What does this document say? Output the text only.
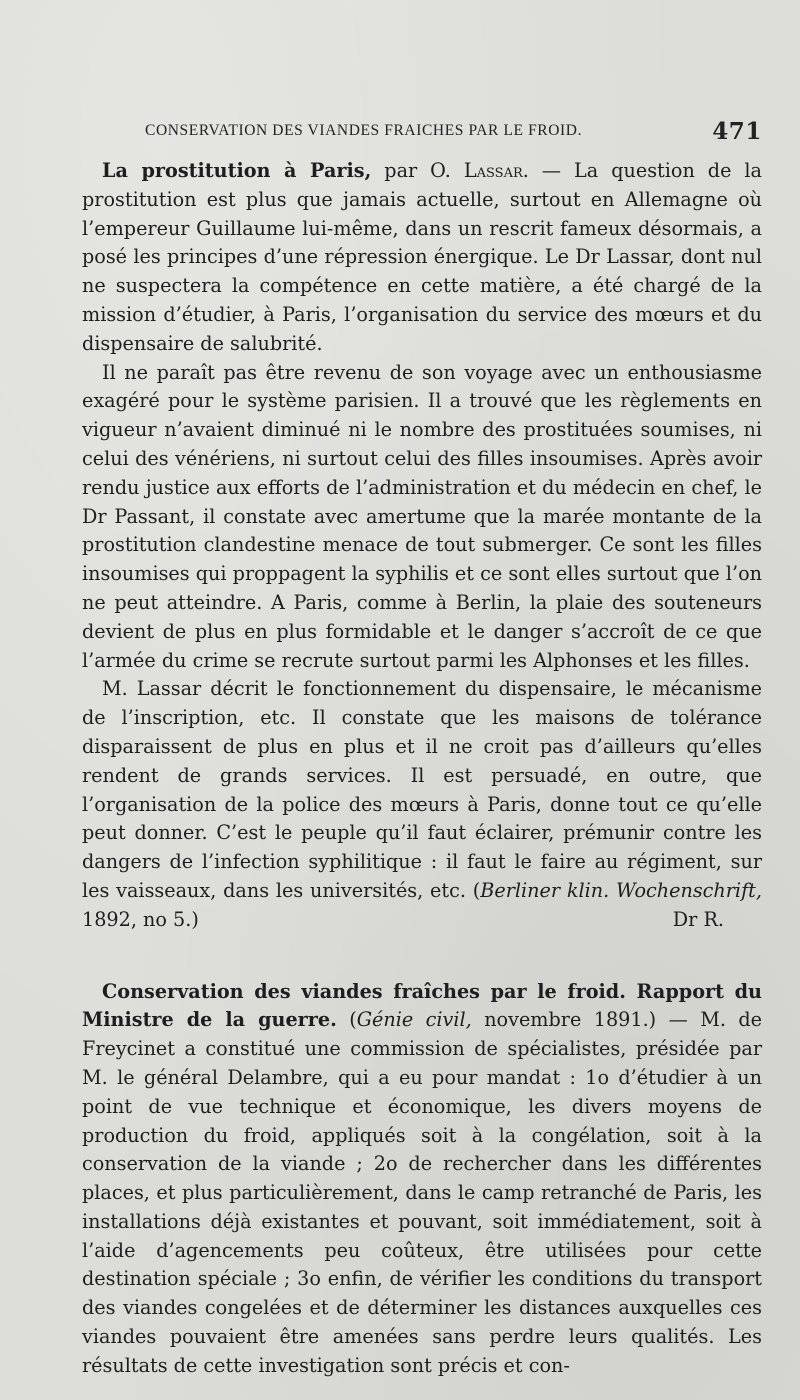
CONSERVATION DES VIANDES FRAICHES PAR LE FROID.	471

La prostitution à Paris, par O. Lassar. — La question de la prostitution est plus que jamais actuelle, surtout en Allemagne où l’empereur Guillaume lui-même, dans un rescrit fameux désormais, a posé les principes d’une répression énergique. Le Dr Lassar, dont nul ne suspectera la compétence en cette matière, a été chargé de la mission d’étudier, à Paris, l’organisation du service des mœurs et du dispensaire de salubrité.

Il ne paraît pas être revenu de son voyage avec un enthousiasme exagéré pour le système parisien. Il a trouvé que les règlements en vigueur n’avaient diminué ni le nombre des prostituées soumises, ni celui des vénériens, ni surtout celui des filles insoumises. Après avoir rendu justice aux efforts de l’administration et du médecin en chef, le Dr Passant, il constate avec amertume que la marée montante de la prostitution clandestine menace de tout submerger. Ce sont les filles insoumises qui proppagent la syphilis et ce sont elles surtout que l’on ne peut atteindre. A Paris, comme à Berlin, la plaie des souteneurs devient de plus en plus formidable et le danger s’accroît de ce que l’armée du crime se recrute surtout parmi les Alphonses et les filles.

M. Lassar décrit le fonctionnement du dispensaire, le mécanisme de l’inscription, etc. Il constate que les maisons de tolérance disparaissent de plus en plus et il ne croit pas d’ailleurs qu’elles rendent de grands services. Il est persuadé, en outre, que l’organisation de la police des mœurs à Paris, donne tout ce qu’elle peut donner. C’est le peuple qu’il faut éclairer, prémunir contre les dangers de l’infection syphilitique : il faut le faire au régiment, sur les vaisseaux, dans les universités, etc. (Berliner klin. Wochenschrift, 1892, no 5.)	Dr R.

Conservation des viandes fraîches par le froid. Rapport du Ministre de la guerre. (Génie civil, novembre 1891.) — M. de Freycinet a constitué une commission de spécialistes, présidée par M. le général Delambre, qui a eu pour mandat : 1o d’étudier à un point de vue technique et économique, les divers moyens de production du froid, appliqués soit à la congélation, soit à la conservation de la viande ; 2o de rechercher dans les différentes places, et plus particulièrement, dans le camp retranché de Paris, les installations déjà existantes et pouvant, soit immédiatement, soit à l’aide d’agencements peu coûteux, être utilisées pour cette destination spéciale ; 3o enfin, de vérifier les conditions du transport des viandes congelées et de déterminer les distances auxquelles ces viandes pouvaient être amenées sans perdre leurs qualités. Les résultats de cette investigation sont précis et con-
